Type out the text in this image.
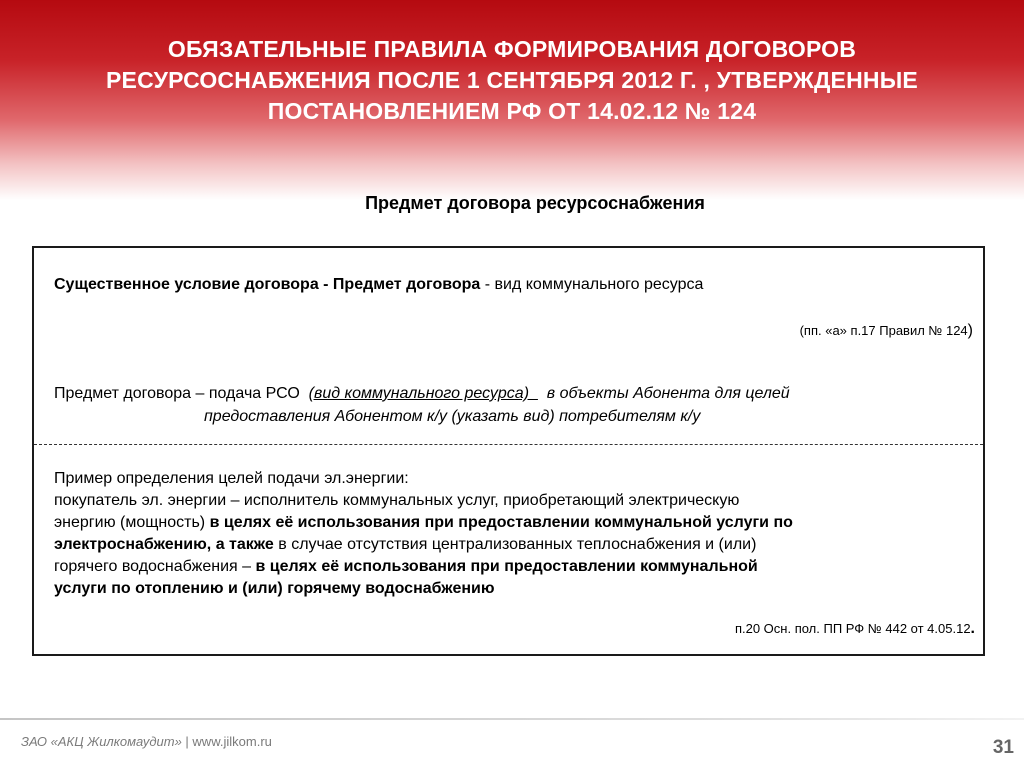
ОБЯЗАТЕЛЬНЫЕ ПРАВИЛА ФОРМИРОВАНИЯ ДОГОВОРОВ
РЕСУРСОСНАБЖЕНИЯ ПОСЛЕ 1 СЕНТЯБРЯ 2012 Г. , УТВЕРЖДЕННЫЕ
ПОСТАНОВЛЕНИЕМ РФ ОТ 14.02.12 № 124
Предмет договора ресурсоснабжения
Существенное условие договора - Предмет договора - вид коммунального ресурса
(пп. «а» п.17 Правил № 124)
Предмет договора – подача РСО  (вид коммунального ресурса)    в объекты Абонента для целей
предоставления Абонентом к/у (указать вид) потребителям к/у
Пример определения целей подачи эл.энергии:
покупатель эл. энергии – исполнитель коммунальных услуг, приобретающий электрическую
энергию (мощность) в целях её использования при предоставлении коммунальной услуги по
электроснабжению, а также в случае отсутствия централизованных теплоснабжения и (или)
горячего водоснабжения – в целях её использования при предоставлении коммунальной
услуги по отоплению и (или) горячему водоснабжению
п.20 Осн. пол. ПП РФ № 442 от 4.05.12.
ЗАО «АКЦ Жилкомаудит» | www.jilkom.ru	31
